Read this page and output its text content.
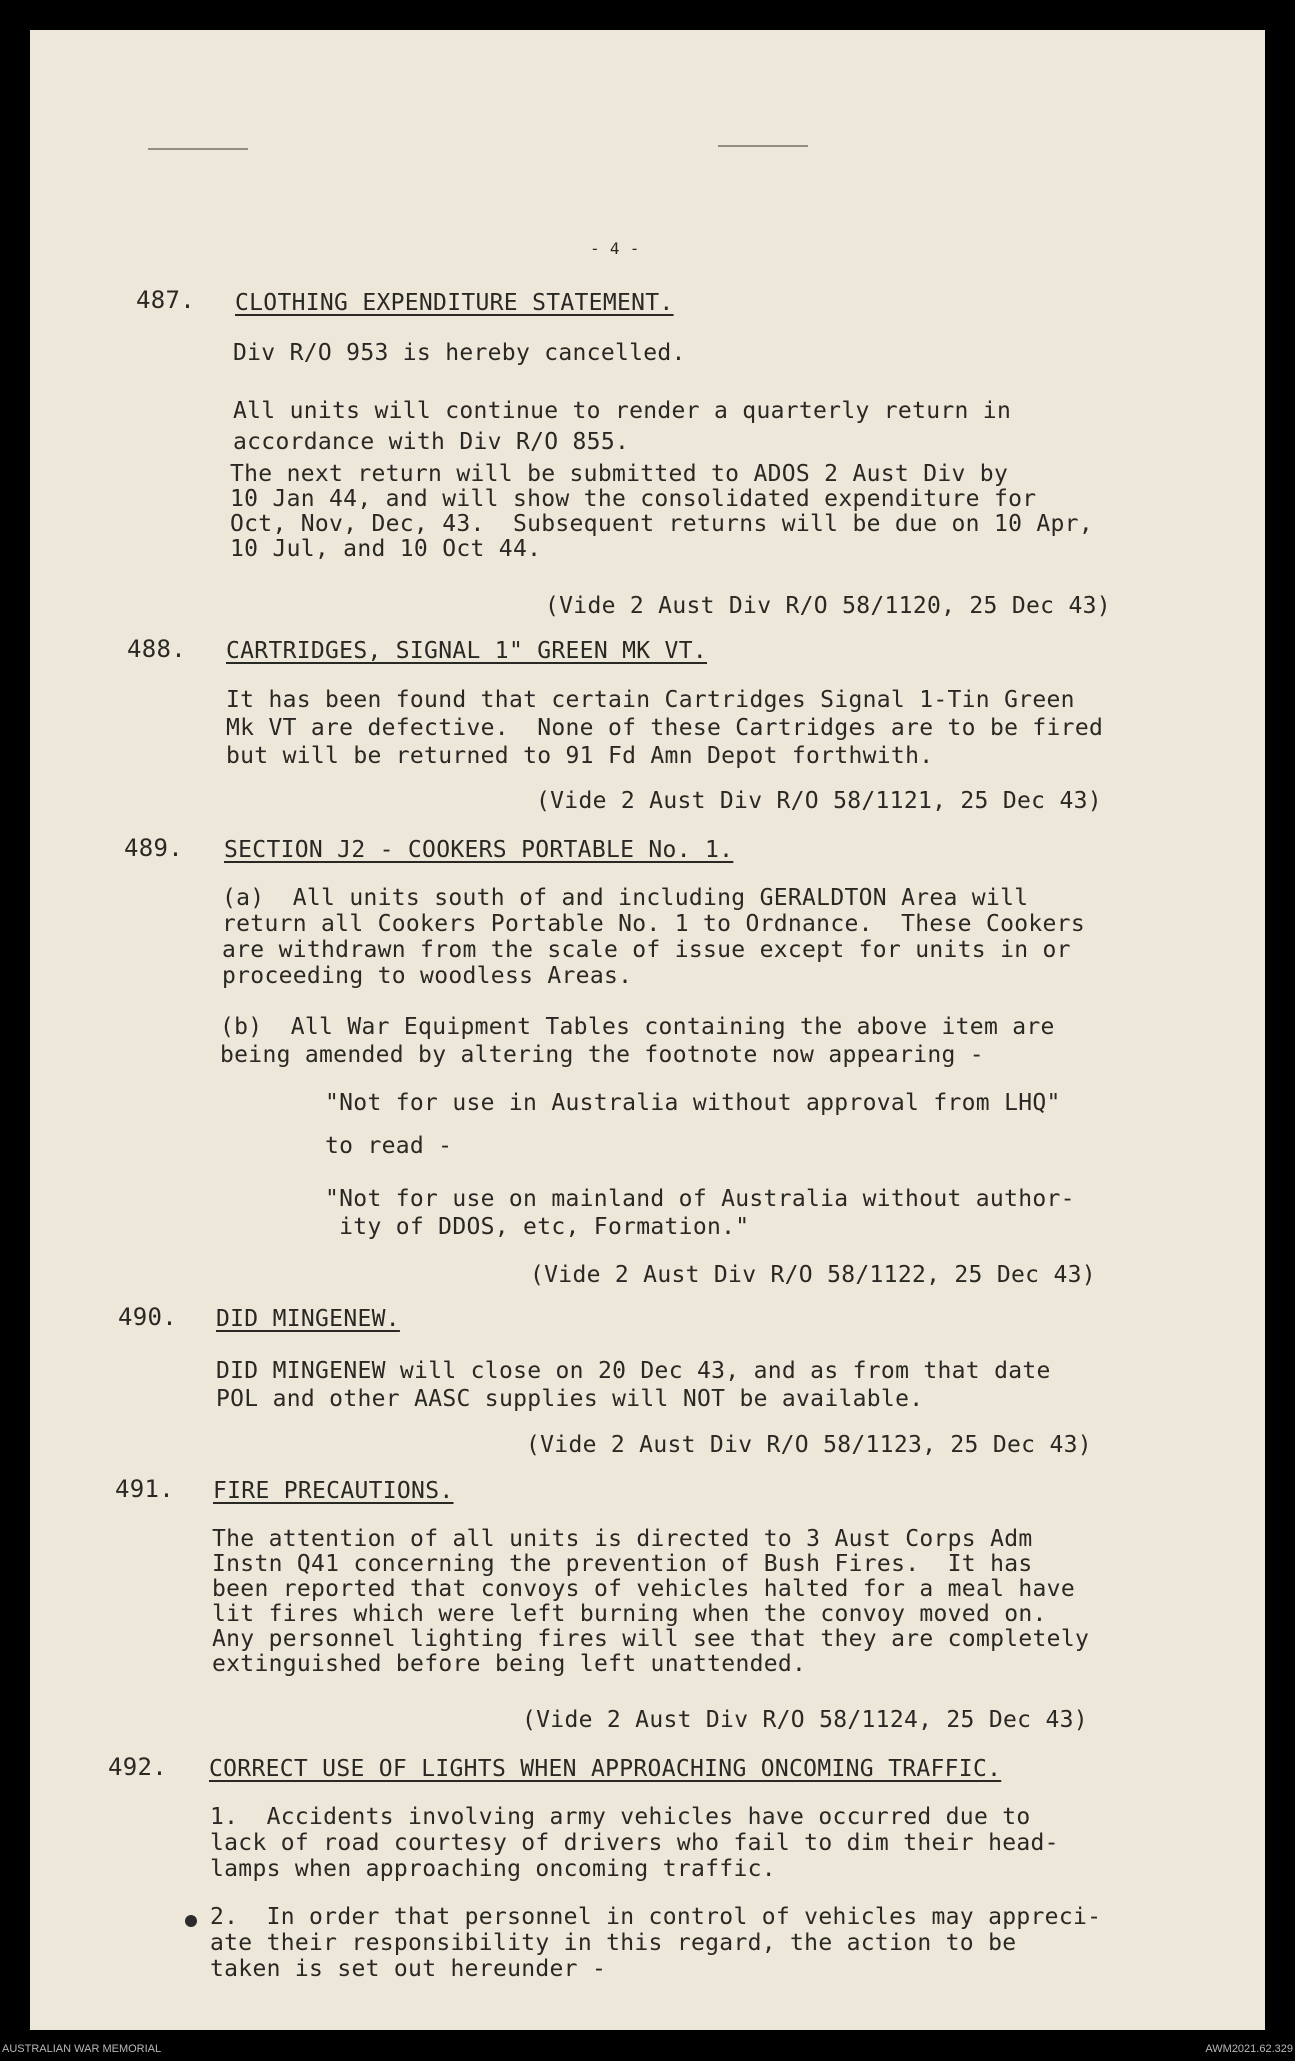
- 4 -
487. CLOTHING EXPENDITURE STATEMENT.
Div R/O 953 is hereby cancelled.
All units will continue to render a quarterly return in
accordance with Div R/O 855.
The next return will be submitted to ADOS 2 Aust Div by
10 Jan 44, and will show the consolidated expenditure for
Oct, Nov, Dec, 43.  Subsequent returns will be due on 10 Apr,
10 Jul, and 10 Oct 44.
(Vide 2 Aust Div R/O 58/1120, 25 Dec 43)
488. CARTRIDGES, SIGNAL 1" GREEN MK VT.
It has been found that certain Cartridges Signal 1-Tin Green
Mk VT are defective.  None of these Cartridges are to be fired
but will be returned to 91 Fd Amn Depot forthwith.
(Vide 2 Aust Div R/O 58/1121, 25 Dec 43)
489. SECTION J2 - COOKERS PORTABLE No. 1.
(a)  All units south of and including GERALDTON Area will
return all Cookers Portable No. 1 to Ordnance.  These Cookers
are withdrawn from the scale of issue except for units in or
proceeding to woodless Areas.
(b)  All War Equipment Tables containing the above item are
being amended by altering the footnote now appearing -
"Not for use in Australia without approval from LHQ"
to read -
"Not for use on mainland of Australia without author-
ity of DDOS, etc, Formation."
(Vide 2 Aust Div R/O 58/1122, 25 Dec 43)
490. DID MINGENEW.
DID MINGENEW will close on 20 Dec 43, and as from that date
POL and other AASC supplies will NOT be available.
(Vide 2 Aust Div R/O 58/1123, 25 Dec 43)
491. FIRE PRECAUTIONS.
The attention of all units is directed to 3 Aust Corps Adm
Instn Q41 concerning the prevention of Bush Fires.  It has
been reported that convoys of vehicles halted for a meal have
lit fires which were left burning when the convoy moved on.
Any personnel lighting fires will see that they are completely
extinguished before being left unattended.
(Vide 2 Aust Div R/O 58/1124, 25 Dec 43)
492. CORRECT USE OF LIGHTS WHEN APPROACHING ONCOMING TRAFFIC.
1.  Accidents involving army vehicles have occurred due to
lack of road courtesy of drivers who fail to dim their head-
lamps when approaching oncoming traffic.
2.  In order that personnel in control of vehicles may appreci-
ate their responsibility in this regard, the action to be
taken is set out hereunder -
AUSTRALIAN WAR MEMORIAL	AWM2021.62.329
